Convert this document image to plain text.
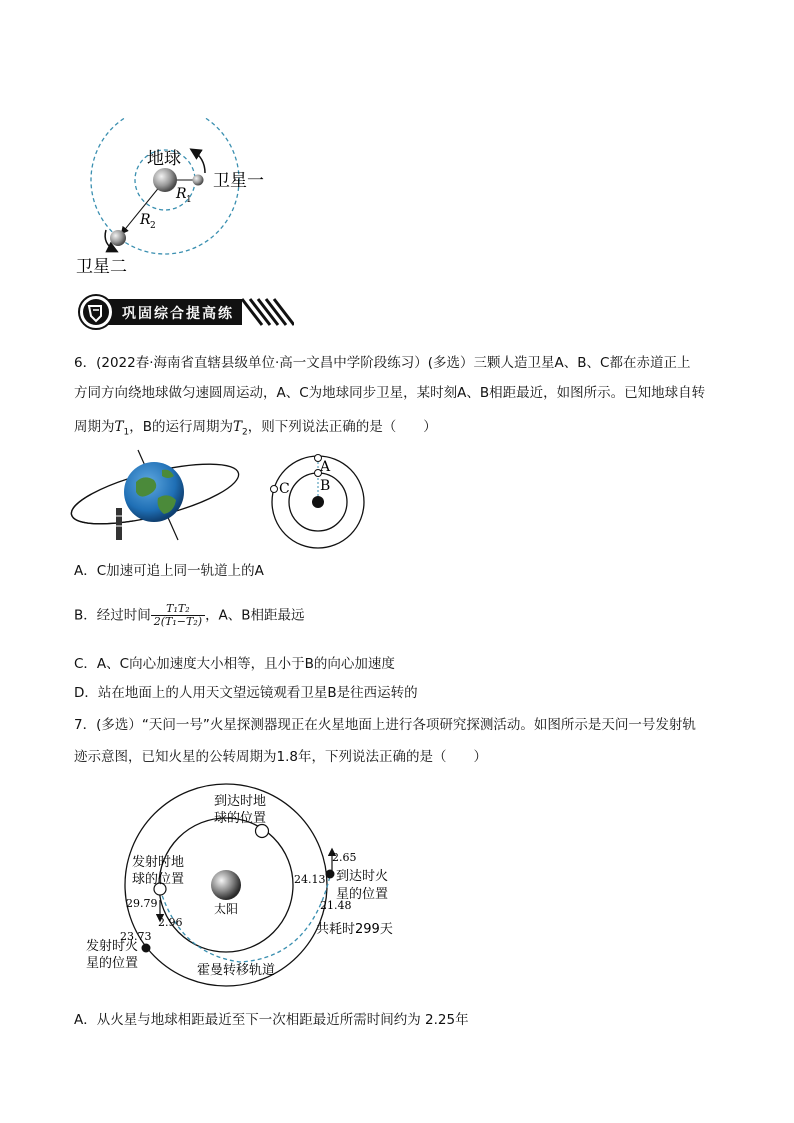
地球
卫星一
卫星二
R 1
R 2
巩固综合提高练
6．(2022春·海南省直辖县级单位·高一文昌中学阶段练习）(多选）三颗人造卫星A、B、C都在赤道正上
方同方向绕地球做匀速圆周运动，A、C为地球同步卫星，某时刻A、B相距最近，如图所示。已知地球自转
周期为$T_1$，B的运行周期为$T_2$，则下列说法正确的是（　　）
A
B
C
A．C加速可追上同一轨道上的A
B．经过时间 $\frac{\text{T₁T₂}}{\text{2(T₁−T₂)}}$ ，A、B相距最远
C．A、C向心加速度大小相等，且小于B的向心加速度
D．站在地面上的人用天文望远镜观看卫星B是往西运转的
7．(多选）“天问一号”火星探测器现正在火星地面上进行各项研究探测活动。如图所示是天问一号发射轨
迹示意图，已知火星的公转周期为1.8年，下列说法正确的是（　　）
到达时地
球的位置
发射时地
球的位置
太阳
到达时火
星的位置
发射时火
星的位置
共耗时299天
霍曼转移轨道
2.65
24.13
21.48
29.79
2.96
23.73
A．从火星与地球相距最近至下一次相距最近所需时间约为 2.25年
